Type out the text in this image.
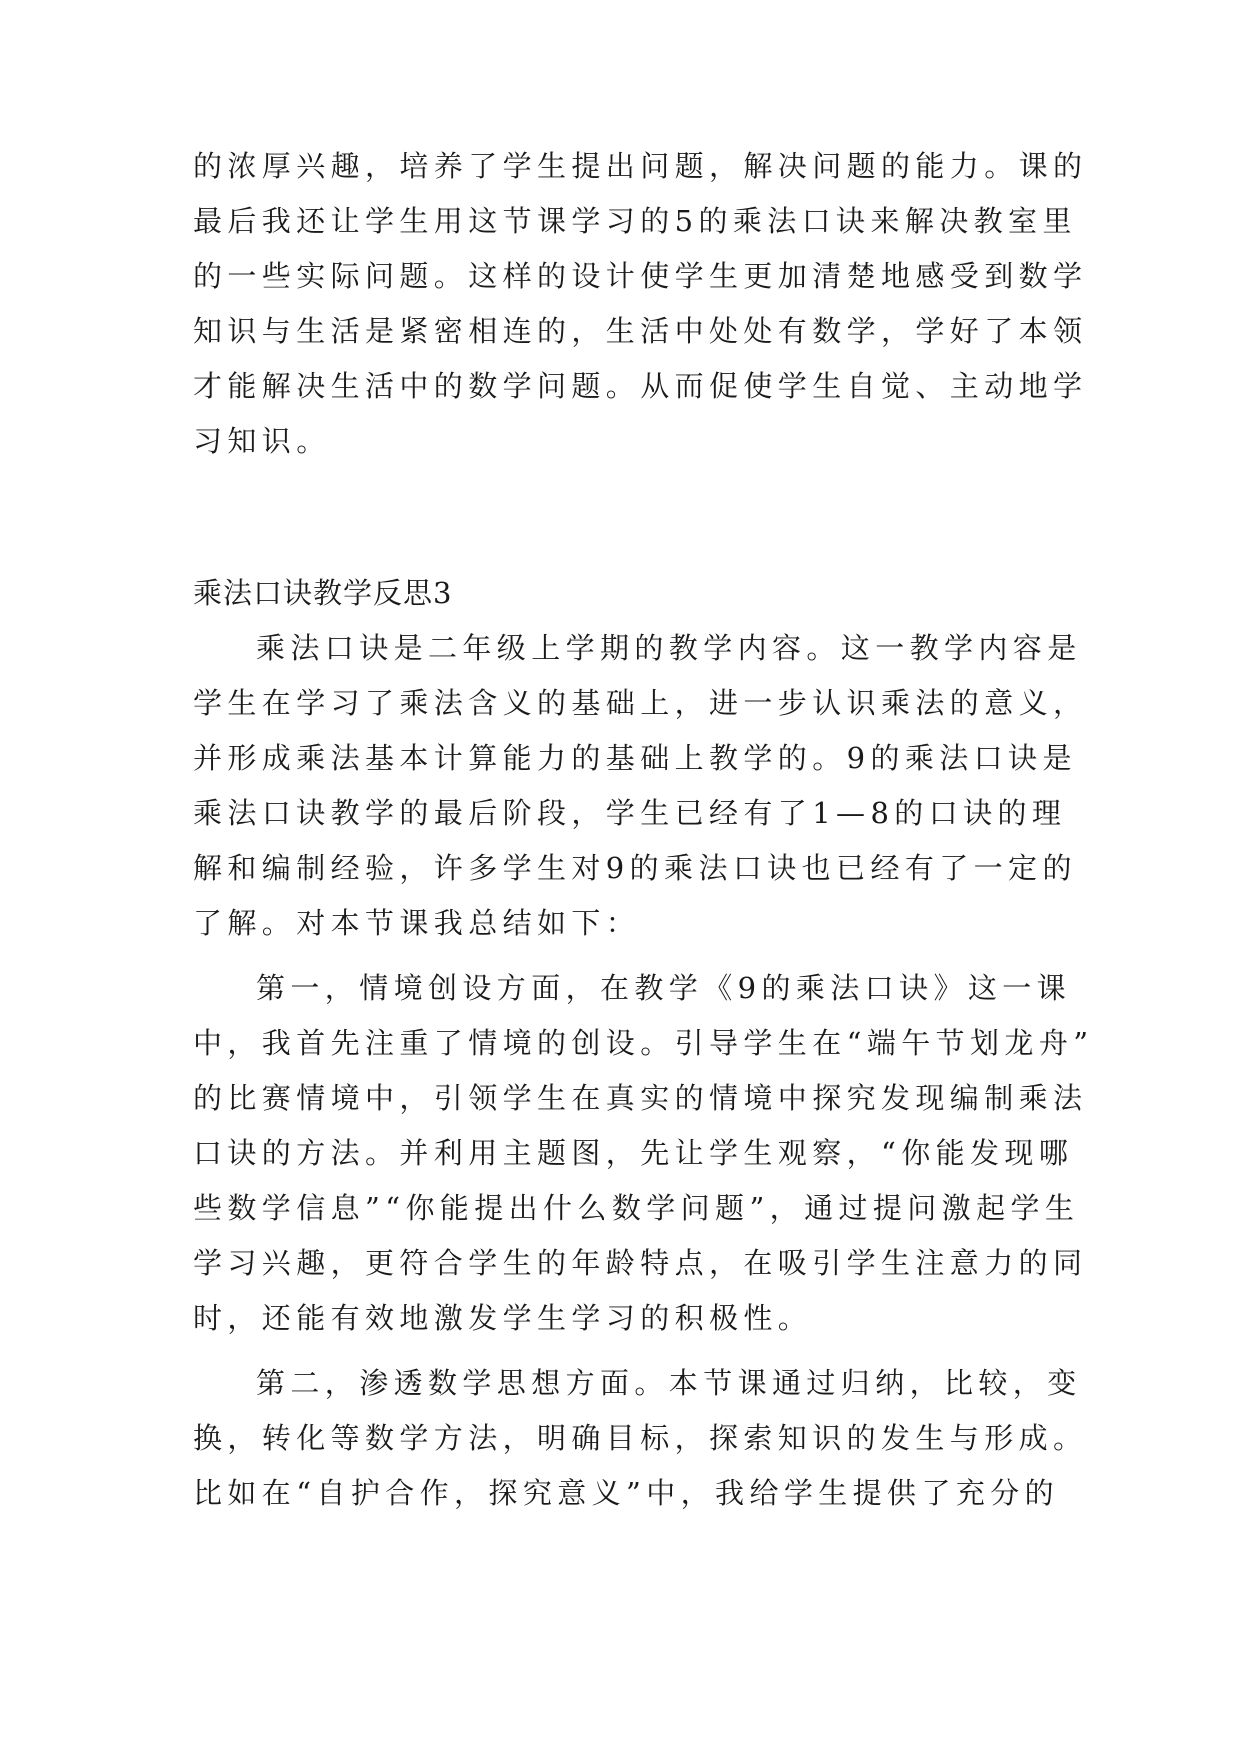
的浓厚兴趣，培养了学生提出问题，解决问题的能力。课的
最后我还让学生用这节课学习的5的乘法口诀来解决教室里
的一些实际问题。这样的设计使学生更加清楚地感受到数学
知识与生活是紧密相连的，生活中处处有数学，学好了本领
才能解决生活中的数学问题。从而促使学生自觉、主动地学
习知识。
乘法口诀教学反思3
乘法口诀是二年级上学期的教学内容。这一教学内容是
学生在学习了乘法含义的基础上，进一步认识乘法的意义，
并形成乘法基本计算能力的基础上教学的。9的乘法口诀是
乘法口诀教学的最后阶段，学生已经有了1—8的口诀的理
解和编制经验，许多学生对9的乘法口诀也已经有了一定的
了解。对本节课我总结如下：
第一，情境创设方面，在教学《9的乘法口诀》这一课
中，我首先注重了情境的创设。引导学生在“端午节划龙舟”
的比赛情境中，引领学生在真实的情境中探究发现编制乘法
口诀的方法。并利用主题图，先让学生观察，“你能发现哪
些数学信息”“你能提出什么数学问题”，通过提问激起学生
学习兴趣，更符合学生的年龄特点，在吸引学生注意力的同
时，还能有效地激发学生学习的积极性。
第二，渗透数学思想方面。本节课通过归纳，比较，变
换，转化等数学方法，明确目标，探索知识的发生与形成。
比如在“自护合作，探究意义”中，我给学生提供了充分的
